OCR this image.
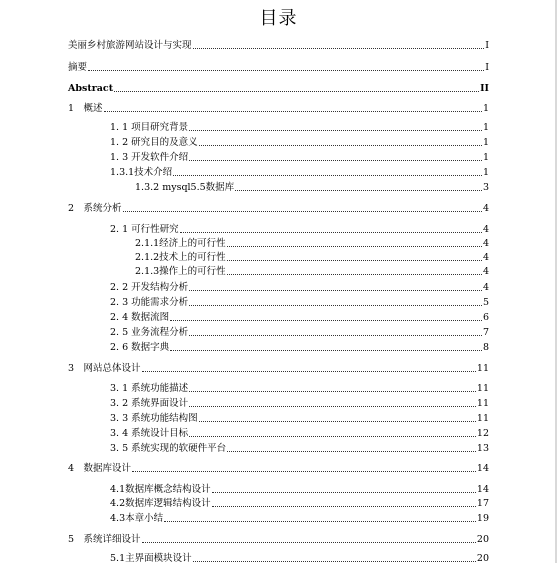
目录
美丽乡村旅游网站设计与实现	I
摘要	I
Abstract	II
1　概述	1
1. 1 项目研究背景	1
1. 2 研究目的及意义	1
1. 3 开发软件介绍	1
1.3.1技术介绍	1
1.3.2 mysql5.5数据库	3
2　系统分析	4
2. 1 可行性研究	4
2.1.1经济上的可行性	4
2.1.2技术上的可行性	4
2.1.3操作上的可行性	4
2. 2 开发结构分析	4
2. 3 功能需求分析	5
2. 4 数据流图	6
2. 5 业务流程分析	7
2. 6 数据字典	8
3　网站总体设计	11
3. 1 系统功能描述	11
3. 2 系统界面设计	11
3. 3 系统功能结构图	11
3. 4 系统设计目标	12
3. 5 系统实现的软硬件平台	13
4　数据库设计	14
4.1数据库概念结构设计	14
4.2数据库逻辑结构设计	17
4.3本章小结	19
5　系统详细设计	20
5.1主界面模块设计	20
